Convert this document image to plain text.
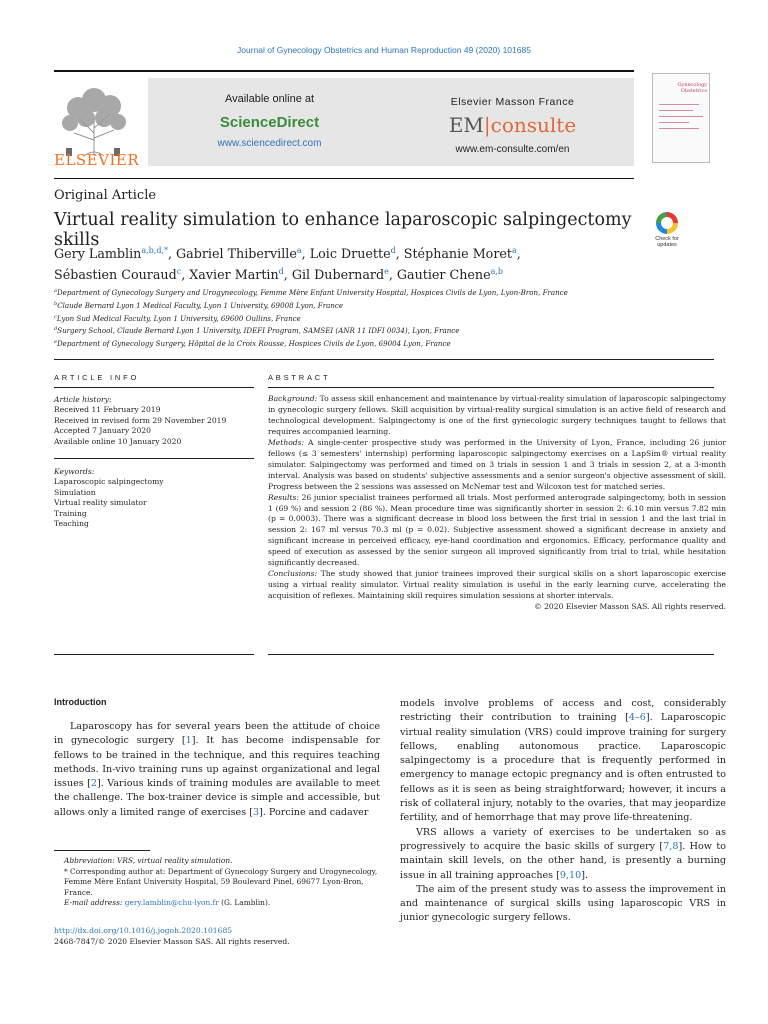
Journal of Gynecology Obstetrics and Human Reproduction 49 (2020) 101685
ELSEVIER
Available online at
ScienceDirect
www.sciencedirect.com
Elsevier Masson France
EM|consulte
www.em-consulte.com/en
Gynecology Obstetrics
Original Article
Virtual reality simulation to enhance laparoscopic salpingectomy skills	Check for
updates
Gery Lamblin$^{a,b,d,*}$, Gabriel Thiberville$^a$, Loic Druette$^d$, Stéphanie Moret$^a$,
Sébastien Couraud$^c$, Xavier Martin$^d$, Gil Dubernard$^e$, Gautier Chene$^{a,b}$
$^a$Department of Gynecology Surgery and Urogynecology, Femme Mère Enfant University Hospital, Hospices Civils de Lyon, Lyon-Bron, France
$^b$Claude Bernard Lyon 1 Medical Faculty, Lyon 1 University, 69008 Lyon, France
$^c$Lyon Sud Medical Faculty, Lyon 1 University, 69600 Oullins, France
$^d$Surgery School, Claude Bernard Lyon 1 University, IDEFI Program, SAMSEI (ANR 11 IDFI 0034), Lyon, France
$^e$Department of Gynecology Surgery, Hôpital de la Croix Rousse, Hospices Civils de Lyon, 69004 Lyon, France
ARTICLE INFO	ABSTRACT
Article history:
Received 11 February 2019
Received in revised form 29 November 2019
Accepted 7 January 2020
Available online 10 January 2020
Keywords:
Laparoscopic salpingectomy
Simulation
Virtual reality simulator
Training
Teaching
Background: To assess skill enhancement and maintenance by virtual-reality simulation of laparoscopic salpingectomy in gynecologic surgery fellows. Skill acquisition by virtual-reality surgical simulation is an active field of research and technological development. Salpingectomy is one of the first gynecologic surgery techniques taught to fellows that requires accompanied learning.
Methods: A single-center prospective study was performed in the University of Lyon, France, including 26 junior fellows (≤ 3 semesters' internship) performing laparoscopic salpingectomy exercises on a LapSim® virtual reality simulator. Salpingectomy was performed and timed on 3 trials in session 1 and 3 trials in session 2, at a 3-month interval. Analysis was based on students' subjective assessments and a senior surgeon's objective assessment of skill. Progress between the 2 sessions was assessed on McNemar test and Wilcoxon test for matched series.
Results: 26 junior specialist trainees performed all trials. Most performed anterograde salpingectomy, both in session 1 (69 %) and session 2 (86 %). Mean procedure time was significantly shorter in session 2: 6.10 min versus 7.82 min (p = 0.0003). There was a significant decrease in blood loss between the first trial in session 1 and the last trial in session 2: 167 ml versus 70.3 ml (p = 0.02). Subjective assessment showed a significant decrease in anxiety and significant increase in perceived efficacy, eye-hand coordination and ergonomics. Efficacy, performance quality and speed of execution as assessed by the senior surgeon all improved significantly from trial to trial, while hesitation significantly decreased.
Conclusions: The study showed that junior trainees improved their surgical skills on a short laparoscopic exercise using a virtual reality simulator. Virtual reality simulation is useful in the early learning curve, accelerating the acquisition of reflexes. Maintaining skill requires simulation sessions at shorter intervals.
© 2020 Elsevier Masson SAS. All rights reserved.
Introduction

Laparoscopy has for several years been the attitude of choice in gynecologic surgery [1]. It has become indispensable for fellows to be trained in the technique, and this requires teaching methods. In-vivo training runs up against organizational and legal issues [2]. Various kinds of training modules are available to meet the challenge. The box-trainer device is simple and accessible, but allows only a limited range of exercises [3]. Porcine and cadaver

models involve problems of access and cost, considerably restricting their contribution to training [4–6]. Laparoscopic virtual reality simulation (VRS) could improve training for surgery fellows, enabling autonomous practice. Laparoscopic salpingectomy is a procedure that is frequently performed in emergency to manage ectopic pregnancy and is often entrusted to fellows as it is seen as being straightforward; however, it incurs a risk of collateral injury, notably to the ovaries, that may jeopardize fertility, and of hemorrhage that may prove life-threatening.

VRS allows a variety of exercises to be undertaken so as progressively to acquire the basic skills of surgery [7,8]. How to maintain skill levels, on the other hand, is presently a burning issue in all training approaches [9,10].

The aim of the present study was to assess the improvement in and maintenance of surgical skills using laparoscopic VRS in junior gynecologic surgery fellows.

Abbreviation: VRS, virtual reality simulation.
* Corresponding author at: Department of Gynecology Surgery and Urogynecology, Femme Mère Enfant University Hospital, 59 Boulevard Pinel, 69677 Lyon-Bron, France.
E-mail address: gery.lamblin@chu-lyon.fr (G. Lamblin).
http://dx.doi.org/10.1016/j.jogoh.2020.101685
2468-7847/© 2020 Elsevier Masson SAS. All rights reserved.
